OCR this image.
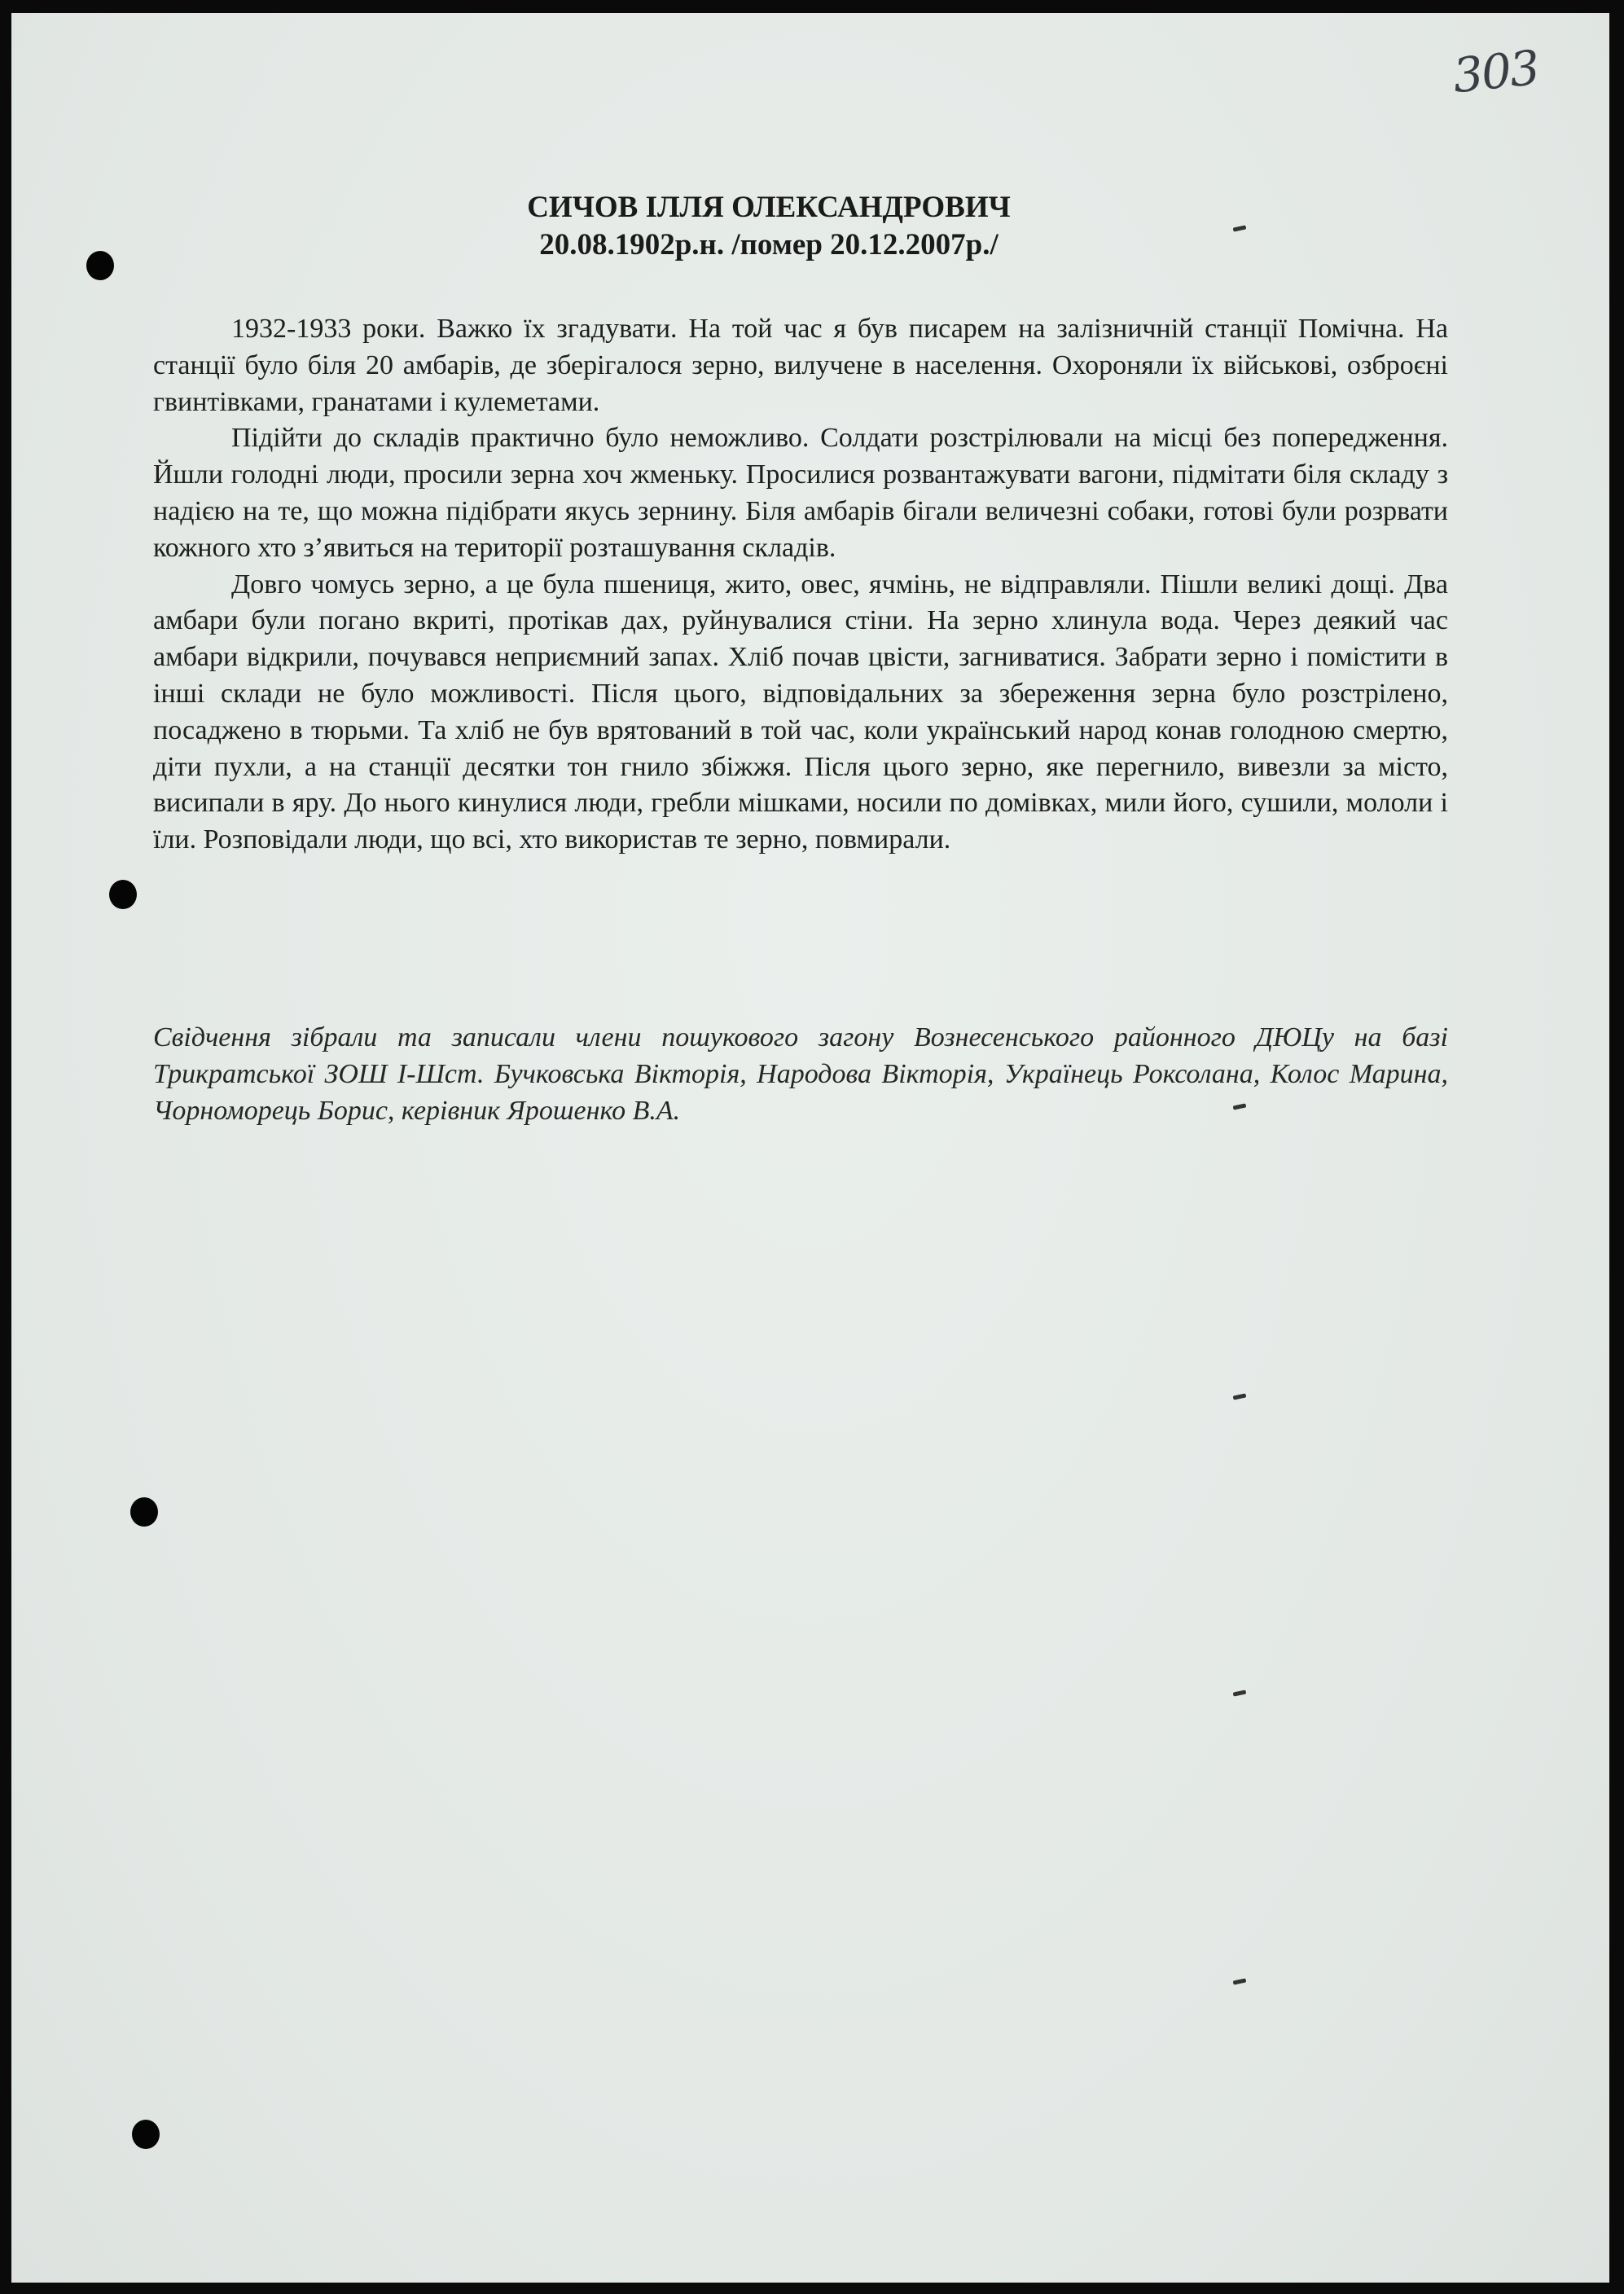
303
СИЧОВ ІЛЛЯ ОЛЕКСАНДРОВИЧ
20.08.1902р.н. /помер 20.12.2007р./

1932-1933 роки. Важко їх згадувати. На той час я був писарем на залізничній станції Помічна. На станції було біля 20 амбарів, де зберігалося зерно, вилучене в населення. Охороняли їх військові, озброєні гвинтівками, гранатами і кулеметами.

Підійти до складів практично було неможливо. Солдати розстрілювали на місці без попередження. Йшли голодні люди, просили зерна хоч жменьку. Просилися розвантажувати вагони, підмітати біля складу з надією на те, що можна підібрати якусь зернину. Біля амбарів бігали величезні собаки, готові були розрвати кожного хто з’явиться на території розташування складів.

Довго чомусь зерно, а це була пшениця, жито, овес, ячмінь, не відправляли. Пішли великі дощі. Два амбари були погано вкриті, протікав дах, руйнувалися стіни. На зерно хлинула вода. Через деякий час амбари відкрили, почувався неприємний запах. Хліб почав цвісти, загниватися. Забрати зерно і помістити в інші склади не було можливості. Після цього, відповідальних за збереження зерна було розстрілено, посаджено в тюрьми. Та хліб не був врятований в той час, коли український народ конав голодною смертю, діти пухли, а на станції десятки тон гнило збіжжя. Після цього зерно, яке перегнило, вивезли за місто, висипали в яру. До нього кинулися люди, гребли мішками, носили по домівках, мили його, сушили, мололи і їли. Розповідали люди, що всі, хто використав те зерно, повмирали.

Свідчення зібрали та записали члени пошукового загону Вознесенського районного ДЮЦу на базі Трикратської ЗОШ І-Шст. Бучковська Вікторія, Народова Вікторія, Українець Роксолана, Колос Марина, Чорноморець Борис, керівник Ярошенко В.А.
